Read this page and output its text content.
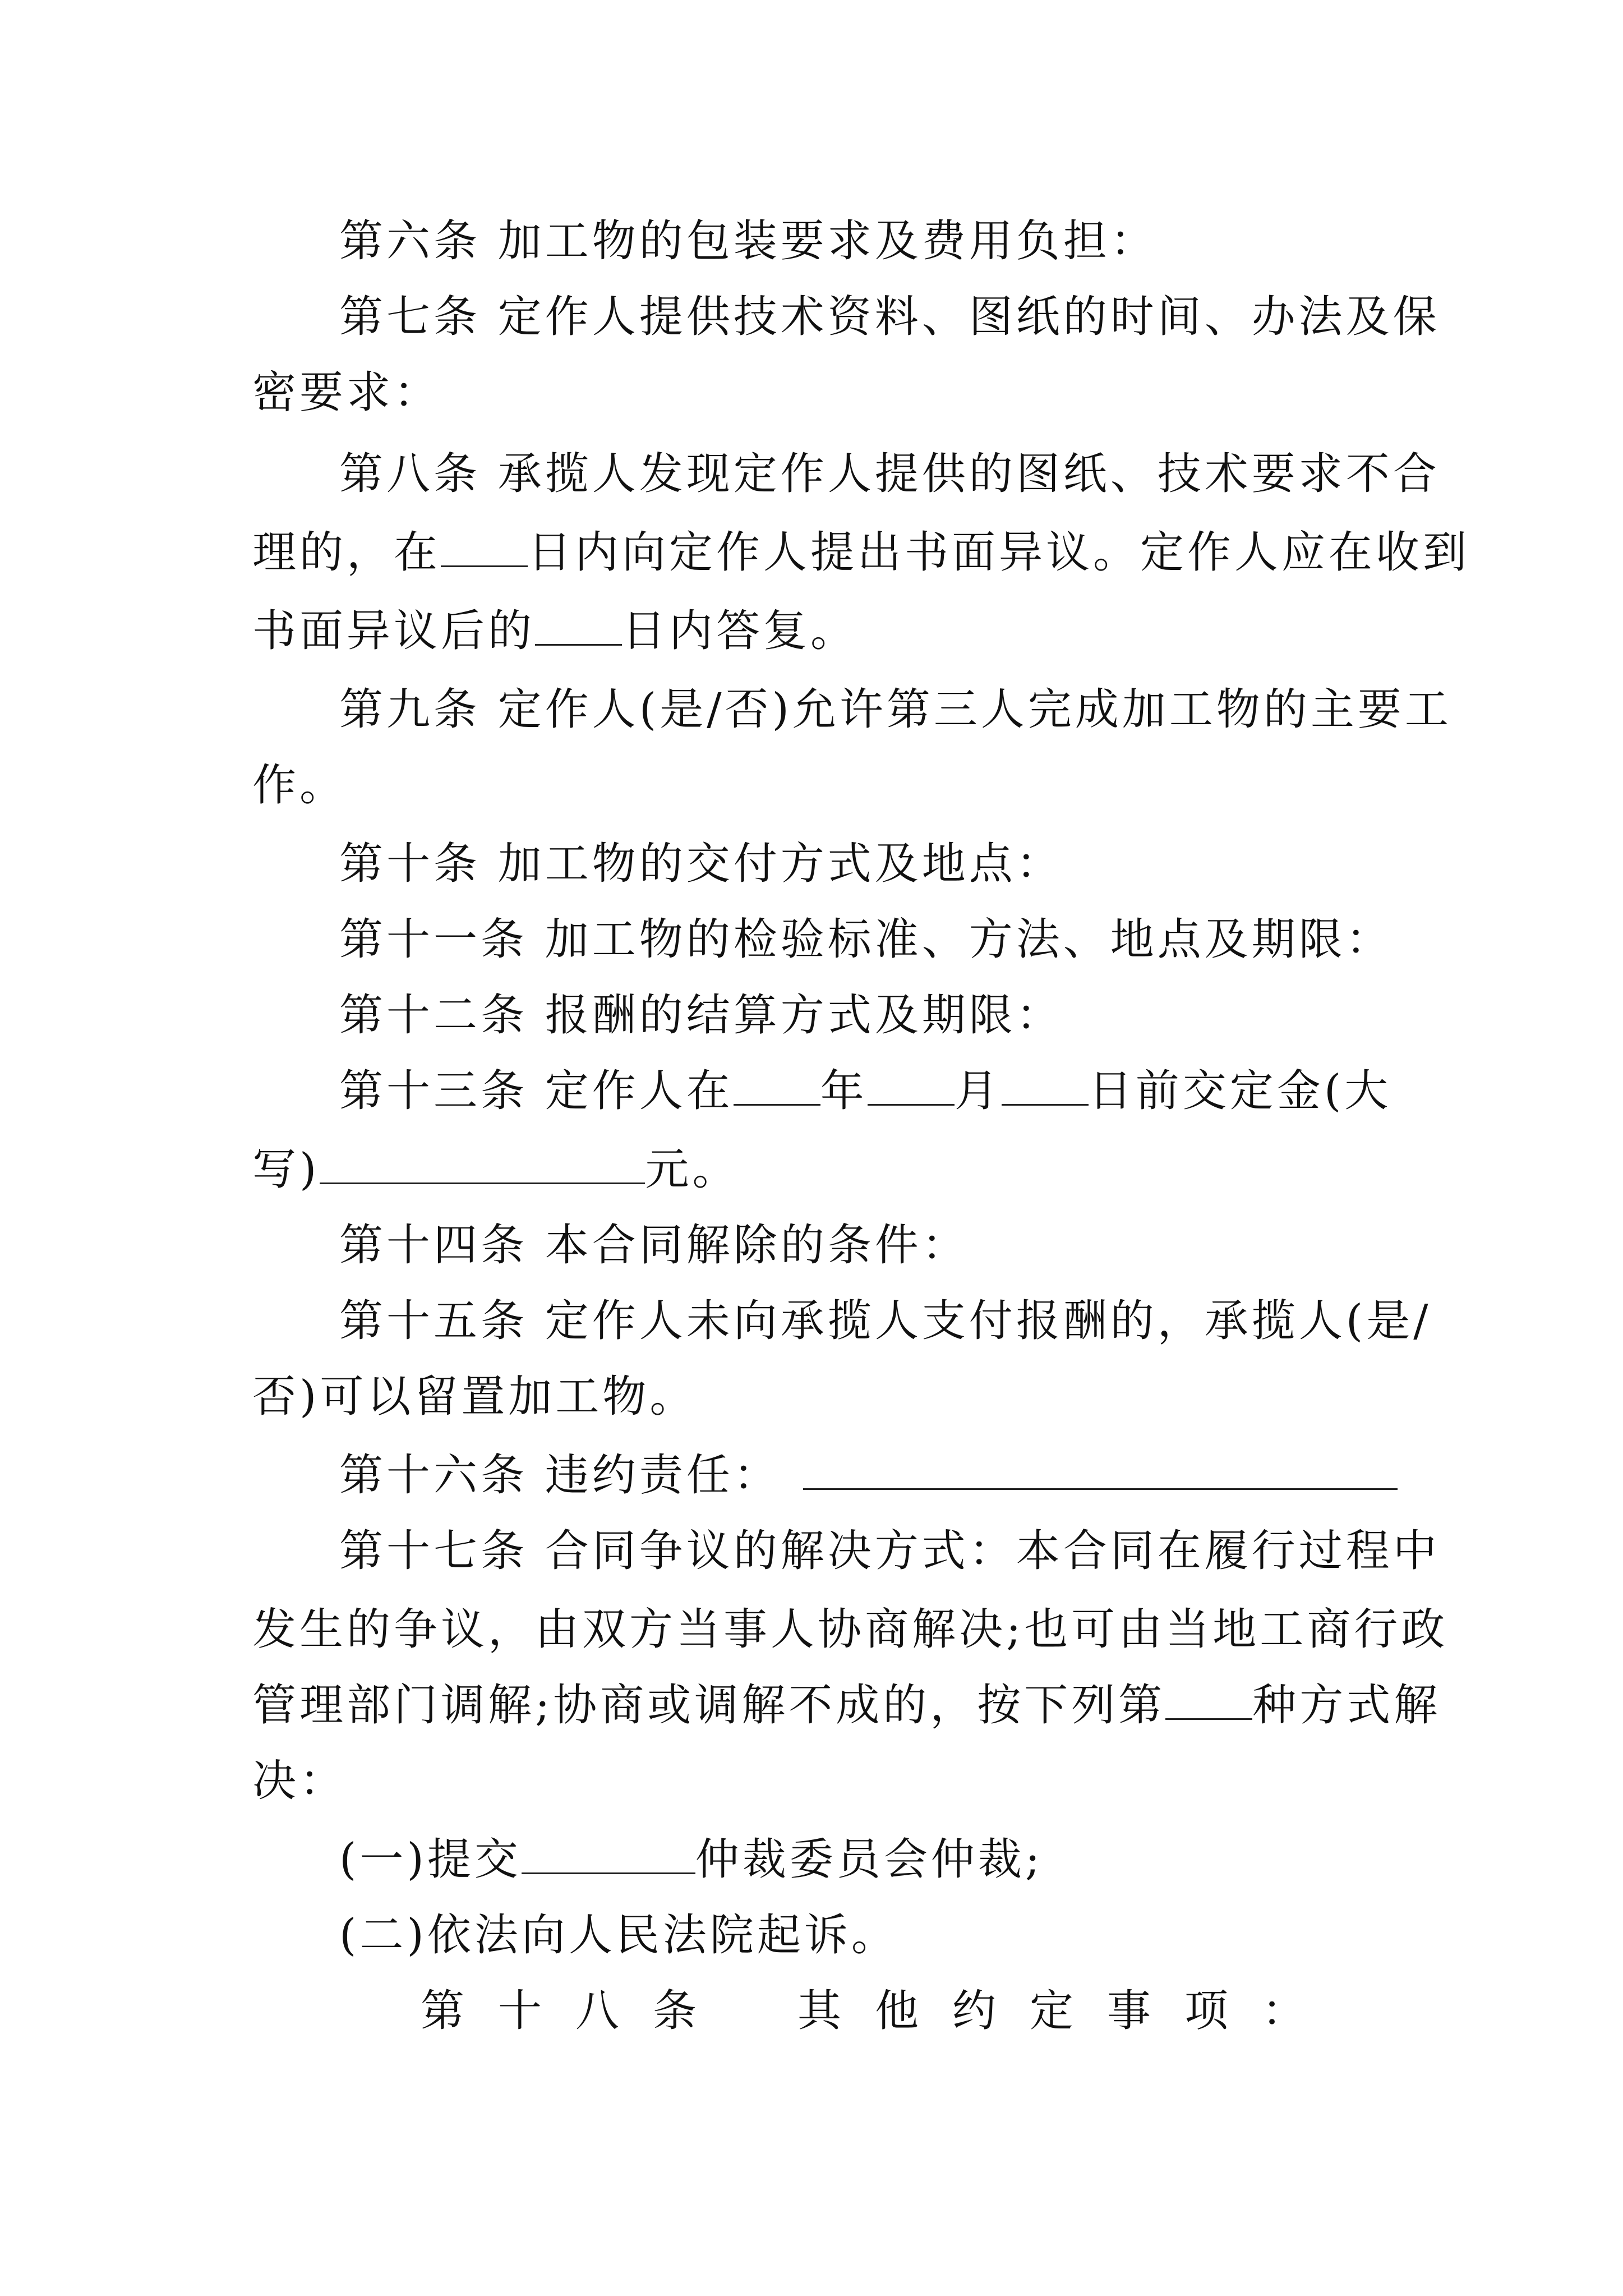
第六条 加工物的包装要求及费用负担：
第七条 定作人提供技术资料、图纸的时间、办法及保
密要求：
第八条 承揽人发现定作人提供的图纸、技术要求不合
理的，在 日内向定作人提出书面异议。定作人应在收到
书面异议后的 日内答复。
第九条 定作人(是/否)允许第三人完成加工物的主要工
作。
第十条 加工物的交付方式及地点：
第十一条 加工物的检验标准、方法、地点及期限：
第十二条 报酬的结算方式及期限：
第十三条 定作人在 年 月 日前交定金(大
写)	元。
第十四条 本合同解除的条件：
第十五条 定作人未向承揽人支付报酬的，承揽人(是/
否)可以留置加工物。
第十六条 违约责任：
第十七条 合同争议的解决方式：本合同在履行过程中
发生的争议，由双方当事人协商解决;也可由当地工商行政
管理部门调解;协商或调解不成的，按下列第 种方式解
决：
(一)提交	仲裁委员会仲裁;
(二)依法向人民法院起诉。
第十八条 其他约定事项：
